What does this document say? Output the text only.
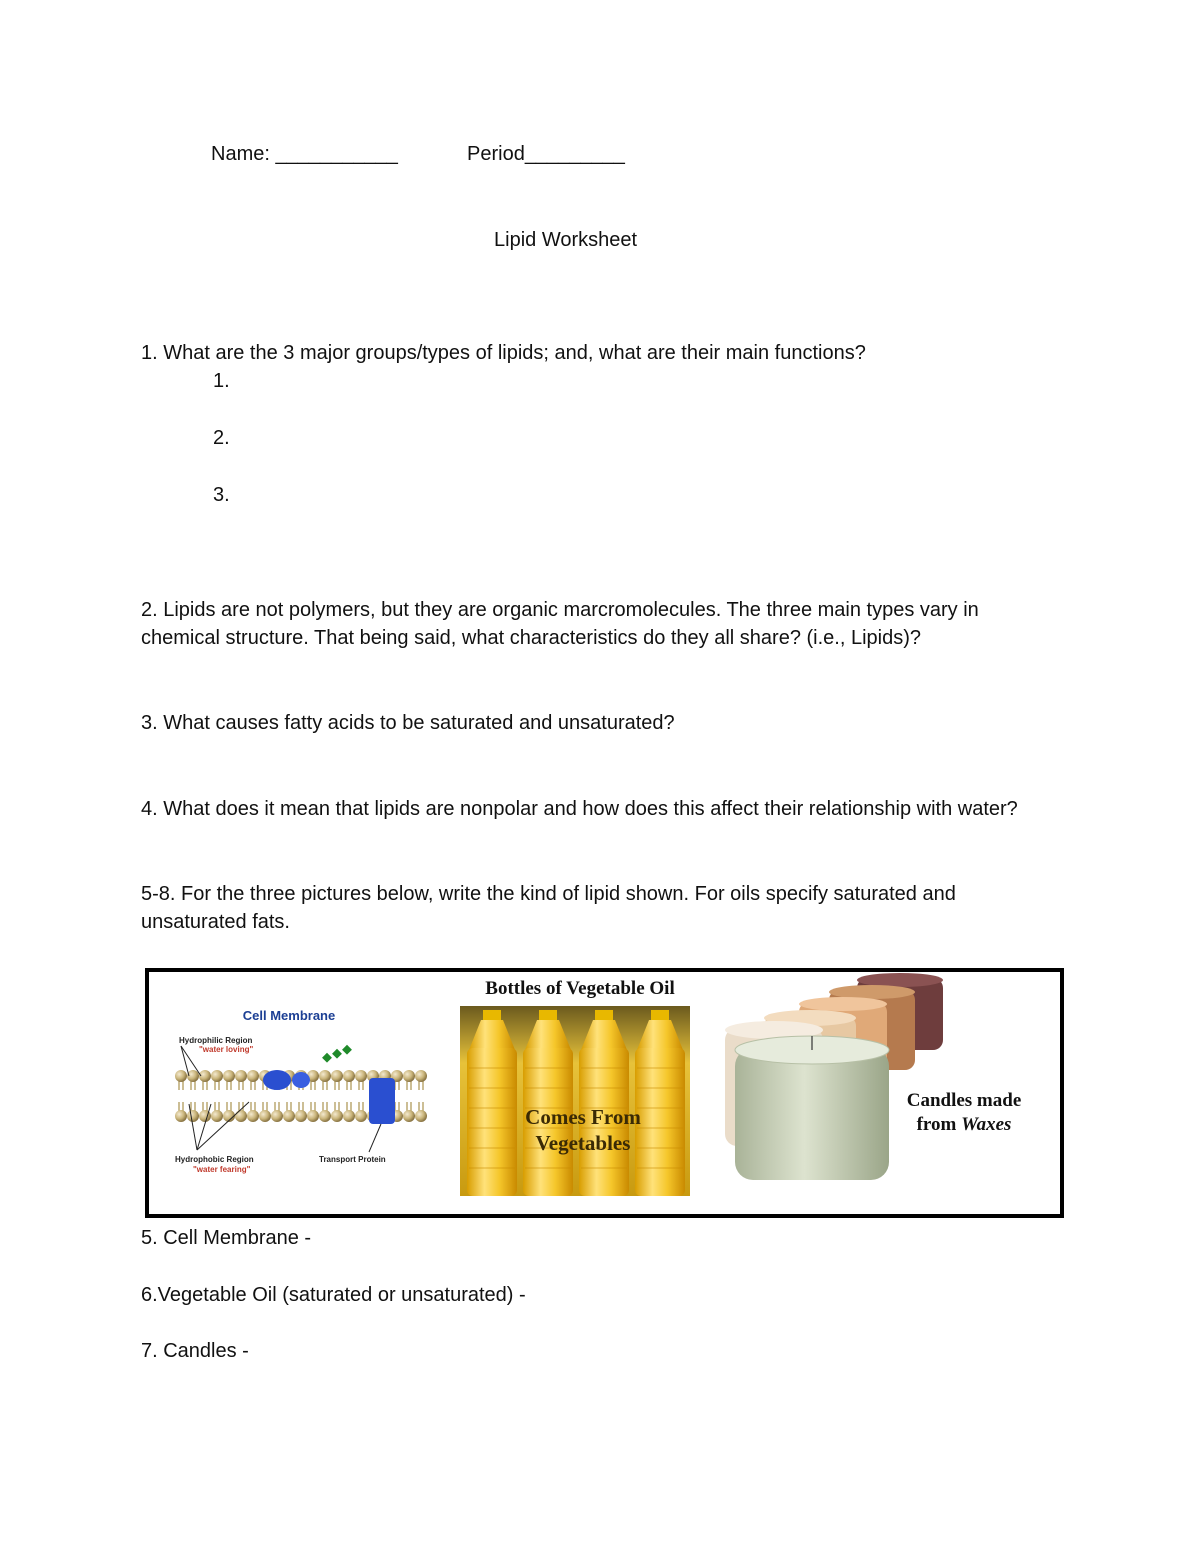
Name: ___________	Period_________
Lipid Worksheet
1. What are the 3 major groups/types of lipids; and, what are their main functions?
1.
2.
3.
2. Lipids are not polymers, but they are organic marcromolecules. The three main types vary in chemical structure. That being said, what characteristics do they all share? (i.e., Lipids)?
3. What causes fatty acids to be saturated and unsaturated?
4. What does it mean that lipids are nonpolar and how does this affect their relationship with water?
5-8. For the three pictures below, write the kind of lipid shown. For oils specify saturated and unsaturated fats.
Cell Membrane
Hydrophilic Region
"water loving"
Hydrophobic Region
"water fearing"
Transport Protein
Bottles of Vegetable Oil
Comes From
Vegetables
Candles made
from Waxes
5. Cell Membrane -
6.Vegetable Oil (saturated or unsaturated) -
7. Candles -
